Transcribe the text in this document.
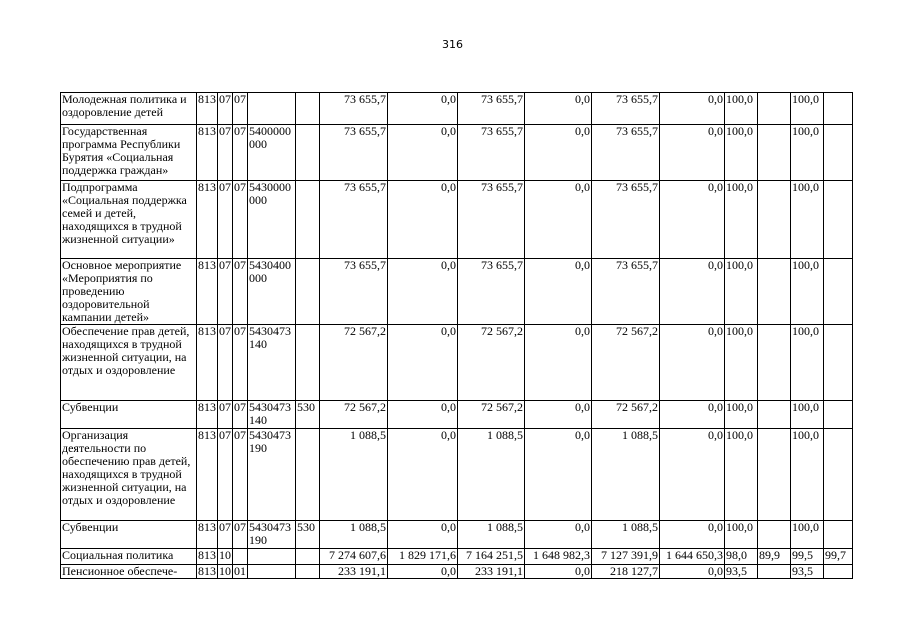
316
Молодежная политика и оздоровление детей	813	07	07			73 655,7	0,0	73 655,7	0,0	73 655,7	0,0	100,0		100,0	
Государственная программа Республики Бурятия «Социальная поддержка граждан»	813	07	07	5400000000		73 655,7	0,0	73 655,7	0,0	73 655,7	0,0	100,0		100,0	
Подпрограмма «Социальная поддержка семей и детей, находящихся в трудной жизненной ситуации»	813	07	07	5430000000		73 655,7	0,0	73 655,7	0,0	73 655,7	0,0	100,0		100,0	
Основное мероприятие «Мероприятия по проведению оздоровительной кампании детей»	813	07	07	5430400000		73 655,7	0,0	73 655,7	0,0	73 655,7	0,0	100,0		100,0	
Обеспечение прав детей, находящихся в трудной жизненной ситуации, на отдых и оздоровление	813	07	07	5430473140		72 567,2	0,0	72 567,2	0,0	72 567,2	0,0	100,0		100,0	
Субвенции	813	07	07	5430473140	530	72 567,2	0,0	72 567,2	0,0	72 567,2	0,0	100,0		100,0	
Организация деятельности по обеспечению прав детей, находящихся в трудной жизненной ситуации, на отдых и оздоровление	813	07	07	5430473190		1 088,5	0,0	1 088,5	0,0	1 088,5	0,0	100,0		100,0	
Субвенции	813	07	07	5430473190	530	1 088,5	0,0	1 088,5	0,0	1 088,5	0,0	100,0		100,0	
Социальная политика	813	10				7 274 607,6	1 829 171,6	7 164 251,5	1 648 982,3	7 127 391,9	1 644 650,3	98,0	89,9	99,5	99,7
Пенсионное обеспече-	813	10	01			233 191,1	0,0	233 191,1	0,0	218 127,7	0,0	93,5		93,5	
